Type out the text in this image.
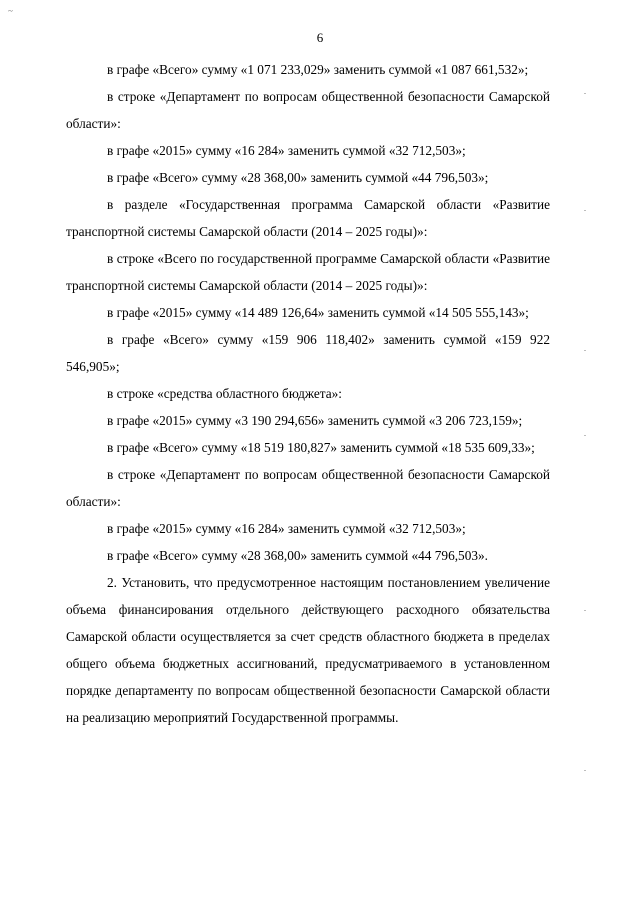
~
6

в графе «Всего» сумму «1 071 233,029» заменить суммой «1 087 661,532»;

в строке «Департамент по вопросам общественной безопасности Самарской области»:

в графе «2015» сумму «16 284» заменить суммой «32 712,503»;

в графе «Всего» сумму «28 368,00» заменить суммой «44 796,503»;

в разделе «Государственная программа Самарской области «Развитие транспортной системы Самарской области (2014 – 2025 годы)»:

в строке «Всего по государственной программе Самарской области «Развитие транспортной системы Самарской области (2014 – 2025 годы)»:

в графе «2015» сумму «14 489 126,64» заменить суммой «14 505 555,143»;

в графе «Всего» сумму «159 906 118,402» заменить суммой «159 922 546,905»;

в строке «средства областного бюджета»:

в графе «2015» сумму «3 190 294,656» заменить суммой «3 206 723,159»;

в графе «Всего» сумму «18 519 180,827» заменить суммой «18 535 609,33»;

в строке «Департамент по вопросам общественной безопасности Самарской области»:

в графе «2015» сумму «16 284» заменить суммой «32 712,503»;

в графе «Всего» сумму «28 368,00» заменить суммой «44 796,503».

2. Установить, что предусмотренное настоящим постановлением увеличение объема финансирования отдельного действующего расходного обязательства Самарской области осуществляется за счет средств областного бюджета в пределах общего объема бюджетных ассигнований, предусматриваемого в установленном порядке департаменту по вопросам общественной безопасности Самарской области на реализацию мероприятий Государственной программы.
